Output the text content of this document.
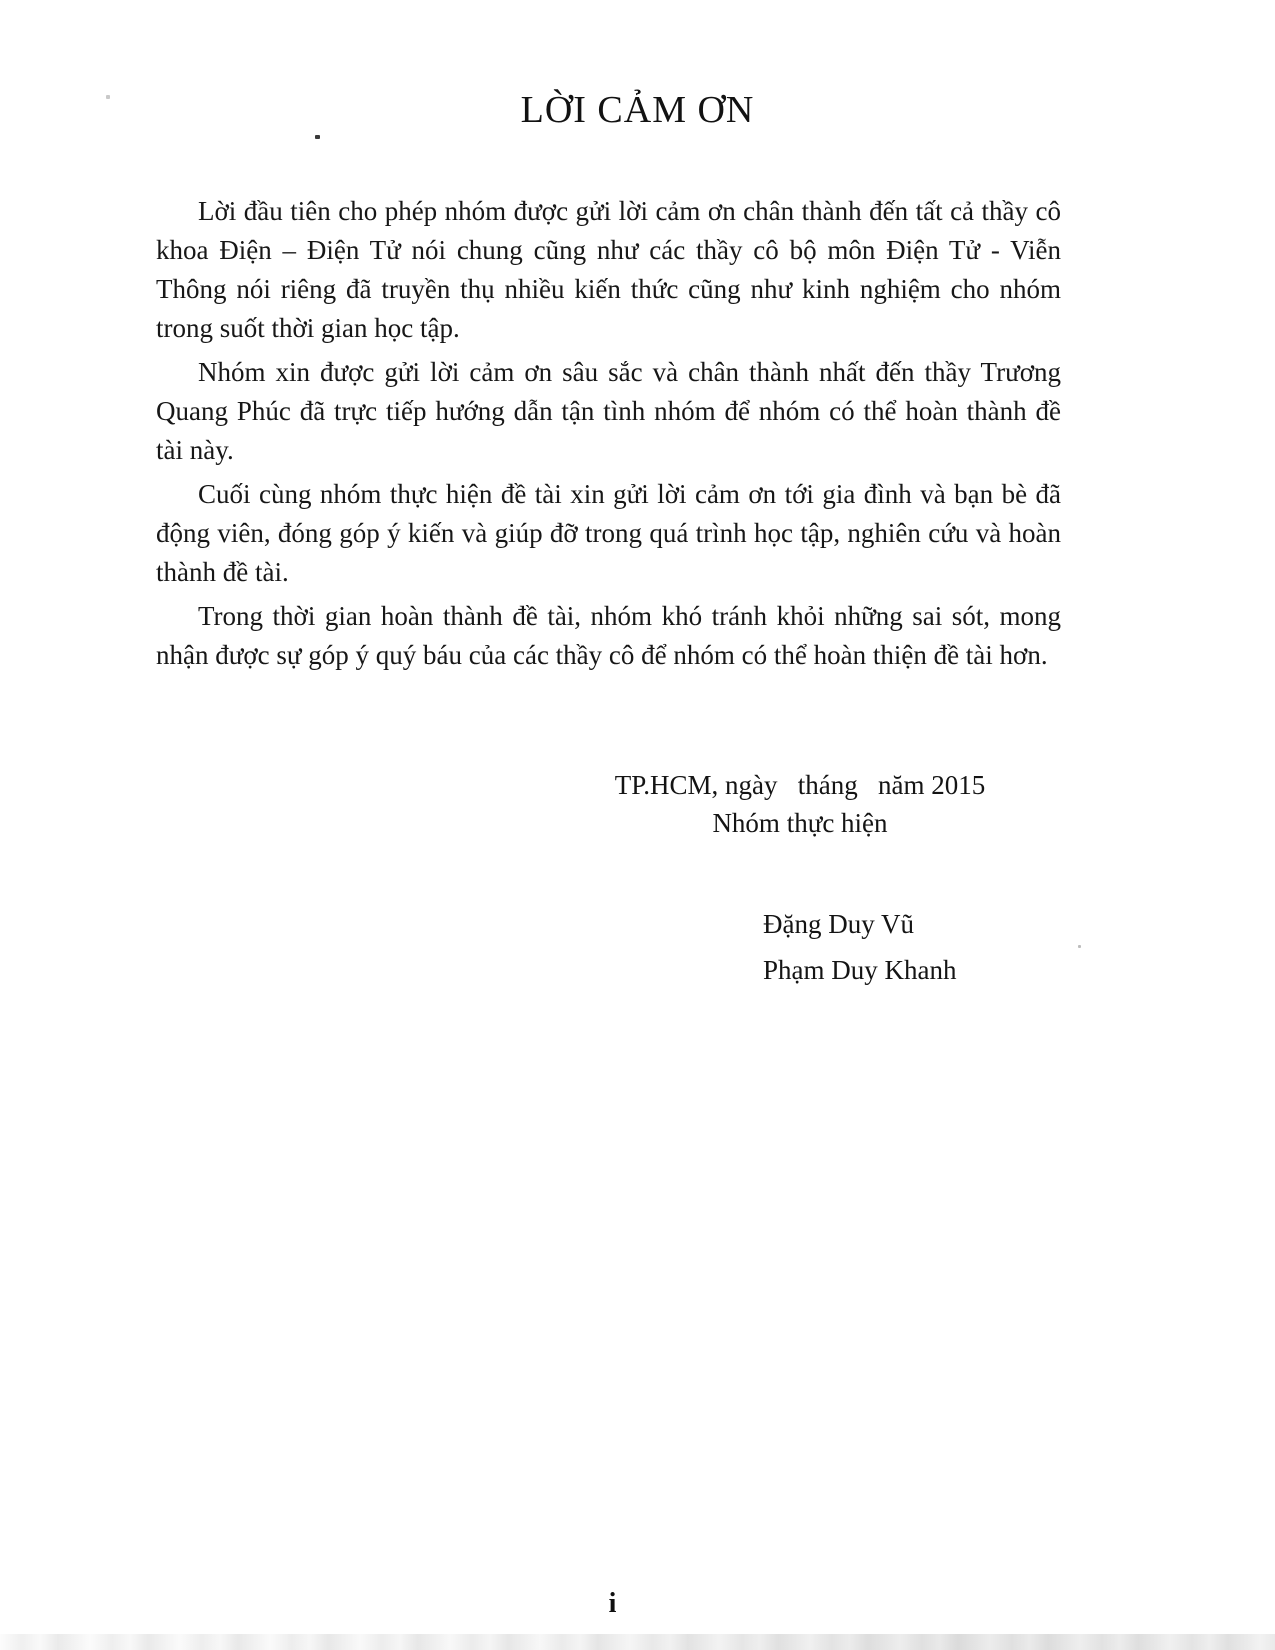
LỜI CẢM ƠN

Lời đầu tiên cho phép nhóm được gửi lời cảm ơn chân thành đến tất cả thầy cô khoa Điện – Điện Tử nói chung cũng như các thầy cô bộ môn Điện Tử - Viễn Thông nói riêng đã truyền thụ nhiều kiến thức cũng như kinh nghiệm cho nhóm trong suốt thời gian học tập.

Nhóm xin được gửi lời cảm ơn sâu sắc và chân thành nhất đến thầy Trương Quang Phúc đã trực tiếp hướng dẫn tận tình nhóm để nhóm có thể hoàn thành đề tài này.

Cuối cùng nhóm thực hiện đề tài xin gửi lời cảm ơn tới gia đình và bạn bè đã động viên, đóng góp ý kiến và giúp đỡ trong quá trình học tập, nghiên cứu và hoàn thành đề tài.

Trong thời gian hoàn thành đề tài, nhóm khó tránh khỏi những sai sót, mong nhận được sự góp ý quý báu của các thầy cô để nhóm có thể hoàn thiện đề tài hơn.

TP.HCM, ngày   tháng   năm 2015
Nhóm thực hiện
Đặng Duy Vũ
Phạm Duy Khanh
i
